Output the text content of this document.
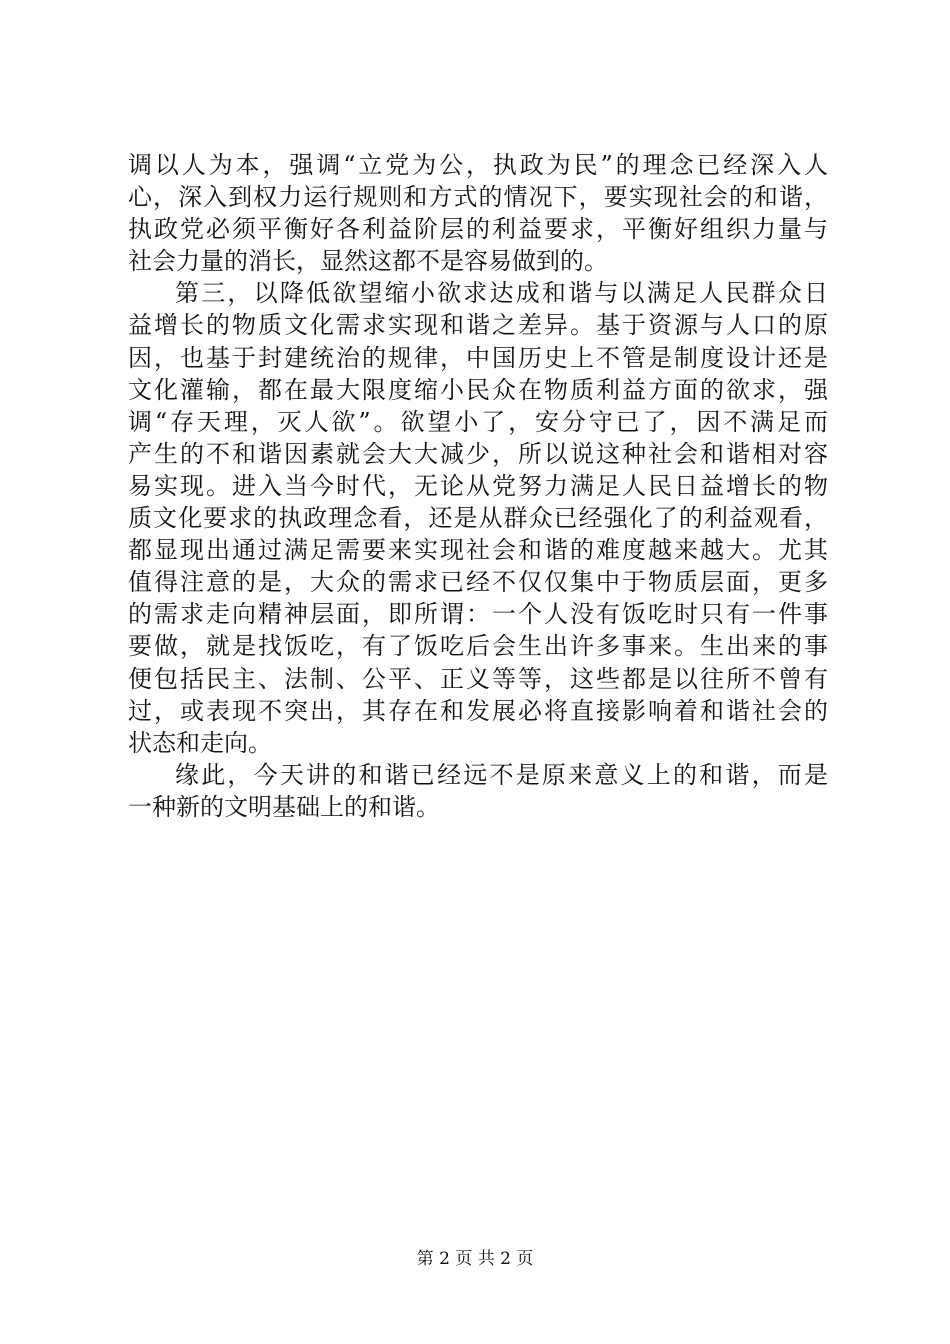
调以人为本，强调“立党为公，执政为民”的理念已经深入人
心，深入到权力运行规则和方式的情况下，要实现社会的和谐，
执政党必须平衡好各利益阶层的利益要求，平衡好组织力量与
社会力量的消长，显然这都不是容易做到的。

第三，以降低欲望缩小欲求达成和谐与以满足人民群众日
益增长的物质文化需求实现和谐之差异。基于资源与人口的原
因，也基于封建统治的规律，中国历史上不管是制度设计还是
文化灌输，都在最大限度缩小民众在物质利益方面的欲求，强
调“存天理，灭人欲”。欲望小了，安分守已了，因不满足而
产生的不和谐因素就会大大减少，所以说这种社会和谐相对容
易实现。进入当今时代，无论从党努力满足人民日益增长的物
质文化要求的执政理念看，还是从群众已经强化了的利益观看，
都显现出通过满足需要来实现社会和谐的难度越来越大。尤其
值得注意的是，大众的需求已经不仅仅集中于物质层面，更多
的需求走向精神层面，即所谓：一个人没有饭吃时只有一件事
要做，就是找饭吃，有了饭吃后会生出许多事来。生出来的事
便包括民主、法制、公平、正义等等，这些都是以往所不曾有
过，或表现不突出，其存在和发展必将直接影响着和谐社会的
状态和走向。

缘此，今天讲的和谐已经远不是原来意义上的和谐，而是
一种新的文明基础上的和谐。

第 2 页 共 2 页
